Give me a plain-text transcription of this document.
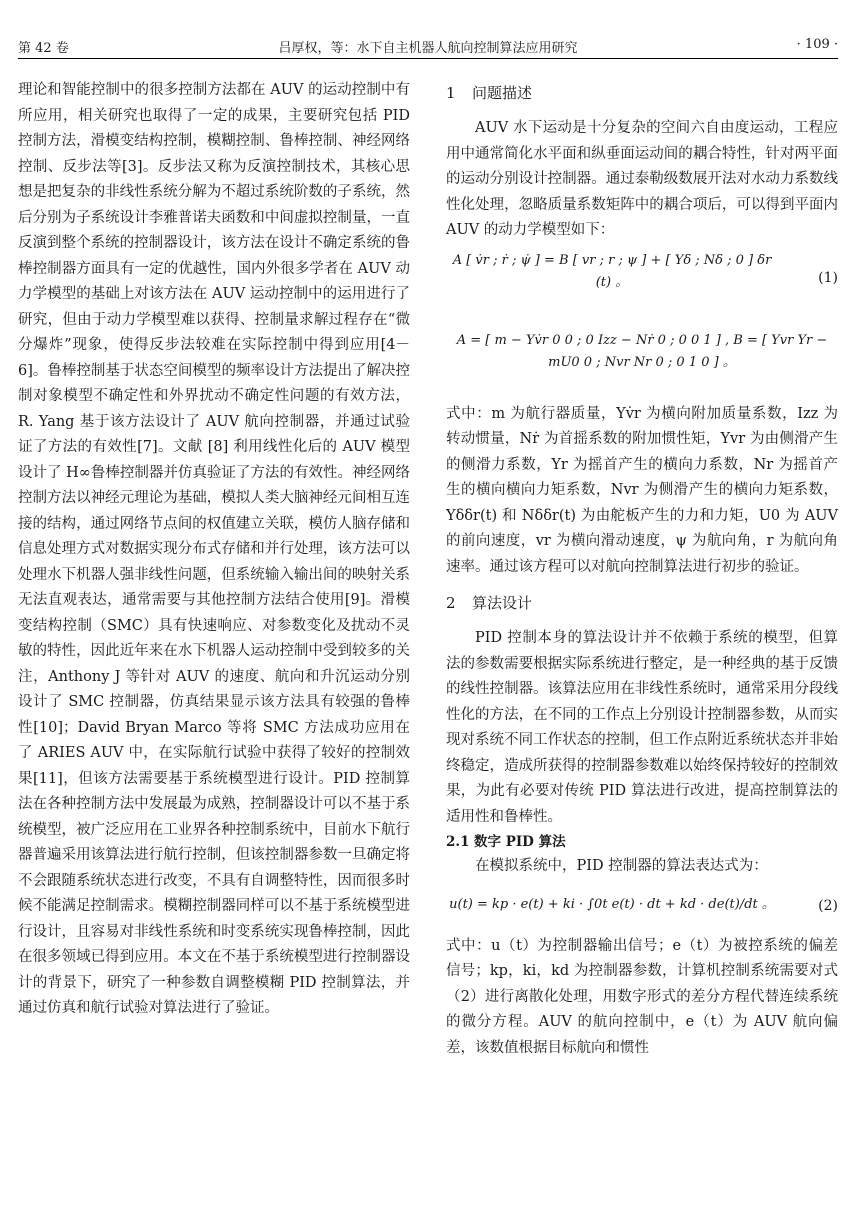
第 42 卷	吕厚权，等：水下自主机器人航向控制算法应用研究	· 109 ·

理论和智能控制中的很多控制方法都在 AUV 的运动控制中有所应用，相关研究也取得了一定的成果，主要研究包括 PID 控制方法，滑模变结构控制，模糊控制、鲁棒控制、神经网络控制、反步法等[3]。反步法又称为反演控制技术，其核心思想是把复杂的非线性系统分解为不超过系统阶数的子系统，然后分别为子系统设计李雅普诺夫函数和中间虚拟控制量，一直反演到整个系统的控制器设计，该方法在设计不确定系统的鲁棒控制器方面具有一定的优越性，国内外很多学者在 AUV 动力学模型的基础上对该方法在 AUV 运动控制中的运用进行了研究，但由于动力学模型难以获得、控制量求解过程存在“微分爆炸”现象，使得反步法较难在实际控制中得到应用[4－6]。鲁棒控制基于状态空间模型的频率设计方法提出了解决控制对象模型不确定性和外界扰动不确定性问题的有效方法，R. Yang 基于该方法设计了 AUV 航向控制器，并通过试验证了方法的有效性[7]。文献 [8] 利用线性化后的 AUV 模型设计了 H∞鲁棒控制器并仿真验证了方法的有效性。神经网络控制方法以神经元理论为基础，模拟人类大脑神经元间相互连接的结构，通过网络节点间的权值建立关联，模仿人脑存储和信息处理方式对数据实现分布式存储和并行处理，该方法可以处理水下机器人强非线性问题，但系统输入输出间的映射关系无法直观表达，通常需要与其他控制方法结合使用[9]。滑模变结构控制（SMC）具有快速响应、对参数变化及扰动不灵敏的特性，因此近年来在水下机器人运动控制中受到较多的关注，Anthony J 等针对 AUV 的速度、航向和升沉运动分别设计了 SMC 控制器，仿真结果显示该方法具有较强的鲁棒性[10]；David Bryan Marco 等将 SMC 方法成功应用在了 ARIES AUV 中，在实际航行试验中获得了较好的控制效果[11]，但该方法需要基于系统模型进行设计。PID 控制算法在各种控制方法中发展最为成熟，控制器设计可以不基于系统模型，被广泛应用在工业界各种控制系统中，目前水下航行器普遍采用该算法进行航行控制，但该控制器参数一旦确定将不会跟随系统状态进行改变，不具有自调整特性，因而很多时候不能满足控制需求。模糊控制器同样可以不基于系统模型进行设计，且容易对非线性系统和时变系统实现鲁棒控制，因此在很多领域已得到应用。本文在不基于系统模型进行控制器设计的背景下，研究了一种参数自调整模糊 PID 控制算法，并通过仿真和航行试验对算法进行了验证。

1 问题描述

AUV 水下运动是十分复杂的空间六自由度运动，工程应用中通常简化水平面和纵垂面运动间的耦合特性，针对两平面的运动分别设计控制器。通过泰勒级数展开法对水动力系数线性化处理，忽略质量系数矩阵中的耦合项后，可以得到平面内 AUV 的动力学模型如下：

A [ v̇r ; ṙ ; ψ̇ ] = B [ vr ; r ; ψ ] + [ Yδ ; Nδ ; 0 ] δr (t) 。	(1)
A = [ m − Yv̇r 0 0 ; 0 Izz − Nṙ 0 ; 0 0 1 ] , B = [ Yvr Yr − mU0 0 ; Nvr Nr 0 ; 0 1 0 ] 。

式中：m 为航行器质量，Yv̇r 为横向附加质量系数，Izz 为转动惯量，Nṙ 为首摇系数的附加惯性矩，Yvr 为由侧滑产生的侧滑力系数，Yr 为摇首产生的横向力系数，Nr 为摇首产生的横向横向力矩系数，Nvr 为侧滑产生的横向力矩系数，Yδδr(t) 和 Nδδr(t) 为由舵板产生的力和力矩，U0 为 AUV 的前向速度，vr 为横向滑动速度，ψ 为航向角，r 为航向角速率。通过该方程可以对航向控制算法进行初步的验证。

2 算法设计

PID 控制本身的算法设计并不依赖于系统的模型，但算法的参数需要根据实际系统进行整定，是一种经典的基于反馈的线性控制器。该算法应用在非线性系统时，通常采用分段线性化的方法，在不同的工作点上分别设计控制器参数，从而实现对系统不同工作状态的控制，但工作点附近系统状态并非始终稳定，造成所获得的控制器参数难以始终保持较好的控制效果，为此有必要对传统 PID 算法进行改进，提高控制算法的适用性和鲁棒性。

2.1 数字 PID 算法

在模拟系统中，PID 控制器的算法表达式为：

u(t) = kp · e(t) + ki · ∫0t e(t) · dt + kd · de(t)/dt 。	(2)

式中：u（t）为控制器输出信号；e（t）为被控系统的偏差信号；kp，ki，kd 为控制器参数，计算机控制系统需要对式（2）进行离散化处理，用数字形式的差分方程代替连续系统的微分方程。AUV 的航向控制中，e（t）为 AUV 航向偏差，该数值根据目标航向和惯性
